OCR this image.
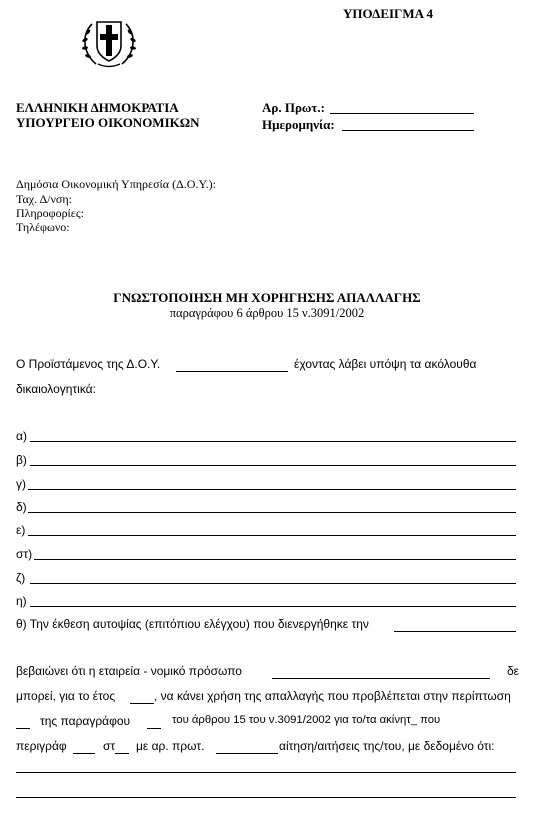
ΥΠΟΔΕΙΓΜΑ 4
ΕΛΛΗΝΙΚΗ ΔΗΜΟΚΡΑΤΙΑ
ΥΠΟΥΡΓΕΙΟ ΟΙΚΟΝΟΜΙΚΩΝ
Αρ. Πρωτ.:
Ημερομηνία:
Δημόσια Οικονομική Υπηρεσία (Δ.Ο.Υ.):
Ταχ. Δ/νση:
Πληροφορίες:
Τηλέφωνο:
ΓΝΩΣΤΟΠΟΙΗΣΗ ΜΗ ΧΟΡΗΓΗΣΗΣ ΑΠΑΛΛΑΓΗΣ
παραγράφου 6 άρθρου 15 ν.3091/2002
Ο Προϊστάμενος της Δ.Ο.Υ.	έχοντας λάβει υπόψη τα ακόλουθα
δικαιολογητικά:
α)
β)
γ)
δ)
ε)
στ)
ζ)
η)
θ) Την έκθεση αυτοψίας (επιτόπιου ελέγχου) που διενεργήθηκε την
βεβαιώνει ότι η εταιρεία - νομικό πρόσωπο	δε
μπορεί, για το έτος	, να κάνει χρήση της απαλλαγής που προβλέπεται στην περίπτωση
της παραγράφου	του άρθρου 15 του ν.3091/2002 για το/τα ακίνητ_ που
περιγράφ	στ με αρ. πρωτ.	αίτηση/αιτήσεις της/του, με δεδομένο ότι:
